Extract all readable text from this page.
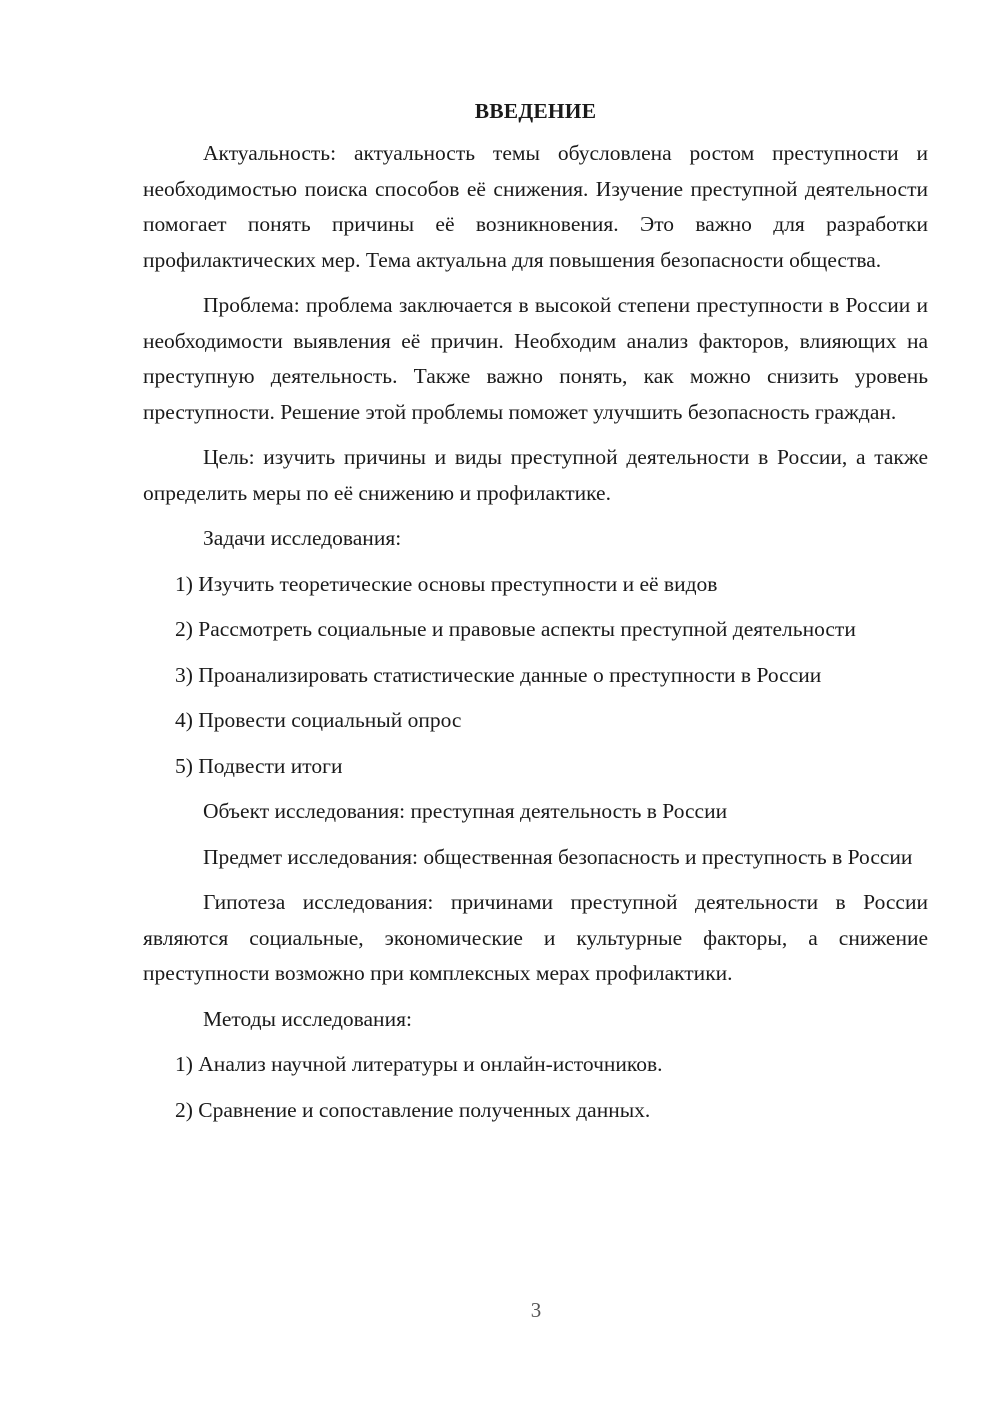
ВВЕДЕНИЕ

Актуальность: актуальность темы обусловлена ростом преступности и необходимостью поиска способов её снижения. Изучение преступной деятельности помогает понять причины её возникновения. Это важно для разработки профилактических мер. Тема актуальна для повышения безопасности общества.

Проблема: проблема заключается в высокой степени преступности в России и необходимости выявления её причин. Необходим анализ факторов, влияющих на преступную деятельность. Также важно понять, как можно снизить уровень преступности. Решение этой проблемы поможет улучшить безопасность граждан.

Цель: изучить причины и виды преступной деятельности в России, а также определить меры по её снижению и профилактике.

Задачи исследования:

1) Изучить теоретические основы преступности и её видов

2) Рассмотреть социальные и правовые аспекты преступной деятельности

3) Проанализировать статистические данные о преступности в России

4) Провести социальный опрос

5) Подвести итоги

Объект исследования: преступная деятельность в России

Предмет исследования: общественная безопасность и преступность в России

Гипотеза исследования: причинами преступной деятельности в России являются социальные, экономические и культурные факторы, а снижение преступности возможно при комплексных мерах профилактики.

Методы исследования:

1) Анализ научной литературы и онлайн-источников.

2) Сравнение и сопоставление полученных данных.

3
